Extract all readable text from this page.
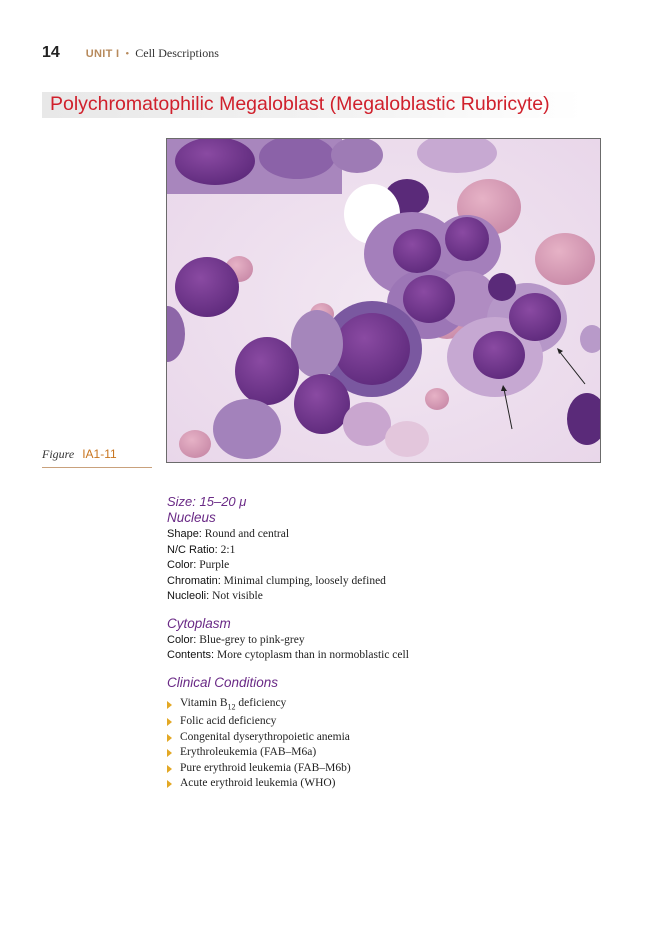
14 UNIT I • Cell Descriptions
Polychromatophilic Megaloblast (Megaloblastic Rubricyte)
Figure IA1-11
Size: 15–20 μ
Nucleus
Shape: Round and central
N/C Ratio: 2:1
Color: Purple
Chromatin: Minimal clumping, loosely defined
Nucleoli: Not visible
Cytoplasm
Color: Blue-grey to pink-grey
Contents: More cytoplasm than in normoblastic cell
Clinical Conditions
Vitamin $B_{12}$ deficiency
Folic acid deficiency
Congenital dyserythropoietic anemia
Erythroleukemia (FAB–M6a)
Pure erythroid leukemia (FAB–M6b)
Acute erythroid leukemia (WHO)
